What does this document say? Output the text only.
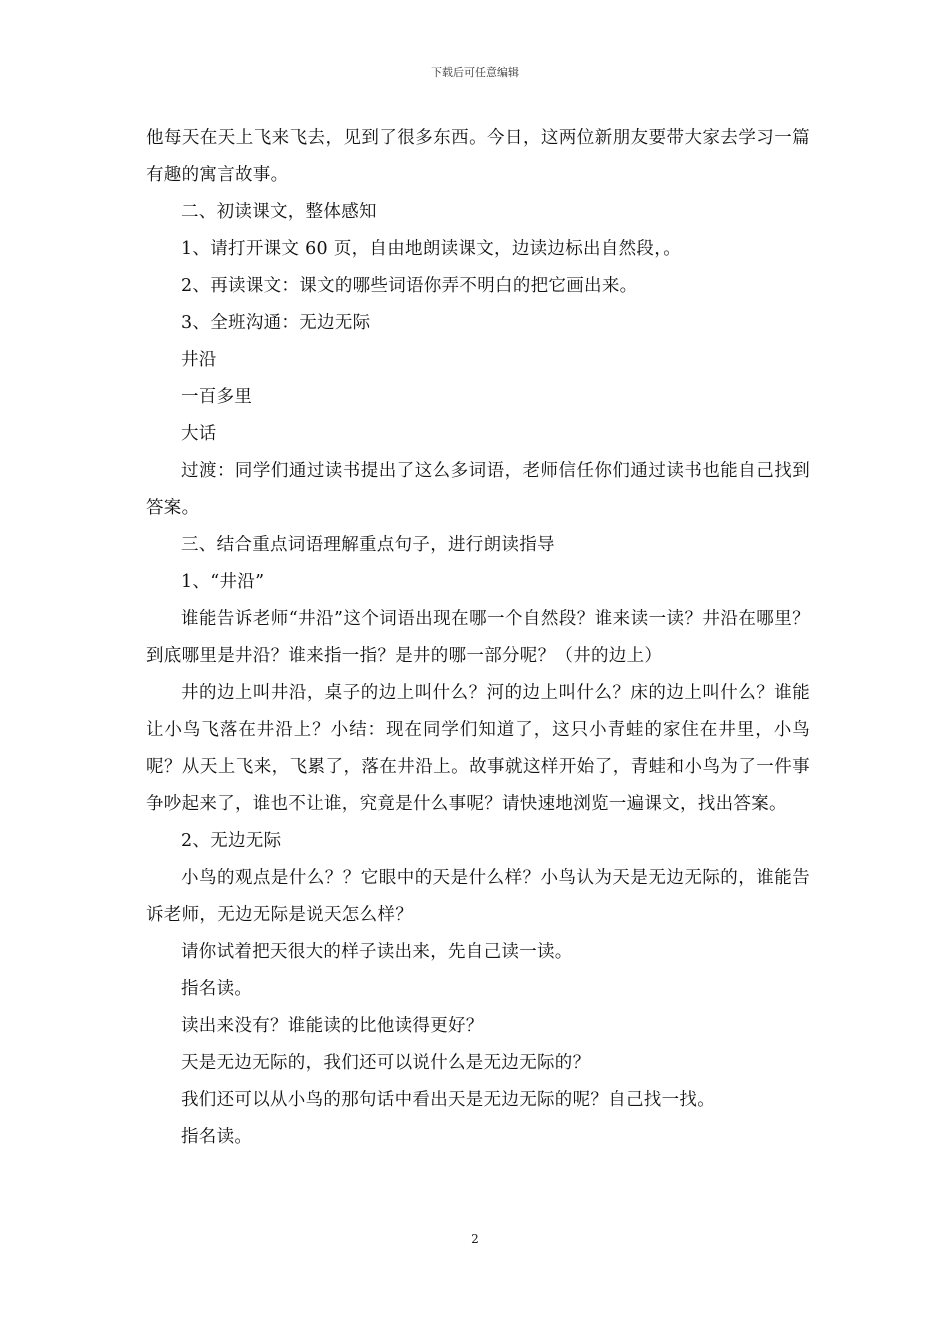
下载后可任意编辑

他每天在天上飞来飞去，见到了很多东西。今日，这两位新朋友要带大家去学习一篇有趣的寓言故事。

二、初读课文，整体感知

1、请打开课文 60 页，自由地朗读课文，边读边标出自然段，。

2、再读课文：课文的哪些词语你弄不明白的把它画出来。

3、全班沟通：无边无际

井沿

一百多里

大话

过渡：同学们通过读书提出了这么多词语，老师信任你们通过读书也能自己找到答案。

三、结合重点词语理解重点句子，进行朗读指导

1、“井沿”

谁能告诉老师“井沿”这个词语出现在哪一个自然段？谁来读一读？井沿在哪里？到底哪里是井沿？谁来指一指？是井的哪一部分呢？（井的边上）

井的边上叫井沿，桌子的边上叫什么？河的边上叫什么？床的边上叫什么？谁能让小鸟飞落在井沿上？小结：现在同学们知道了，这只小青蛙的家住在井里，小鸟呢？从天上飞来，飞累了，落在井沿上。故事就这样开始了，青蛙和小鸟为了一件事争吵起来了，谁也不让谁，究竟是什么事呢？请快速地浏览一遍课文，找出答案。

2、无边无际

小鸟的观点是什么？？它眼中的天是什么样？小鸟认为天是无边无际的，谁能告诉老师，无边无际是说天怎么样？

请你试着把天很大的样子读出来，先自己读一读。

指名读。

读出来没有？谁能读的比他读得更好？

天是无边无际的，我们还可以说什么是无边无际的？

我们还可以从小鸟的那句话中看出天是无边无际的呢？自己找一找。

指名读。

2
